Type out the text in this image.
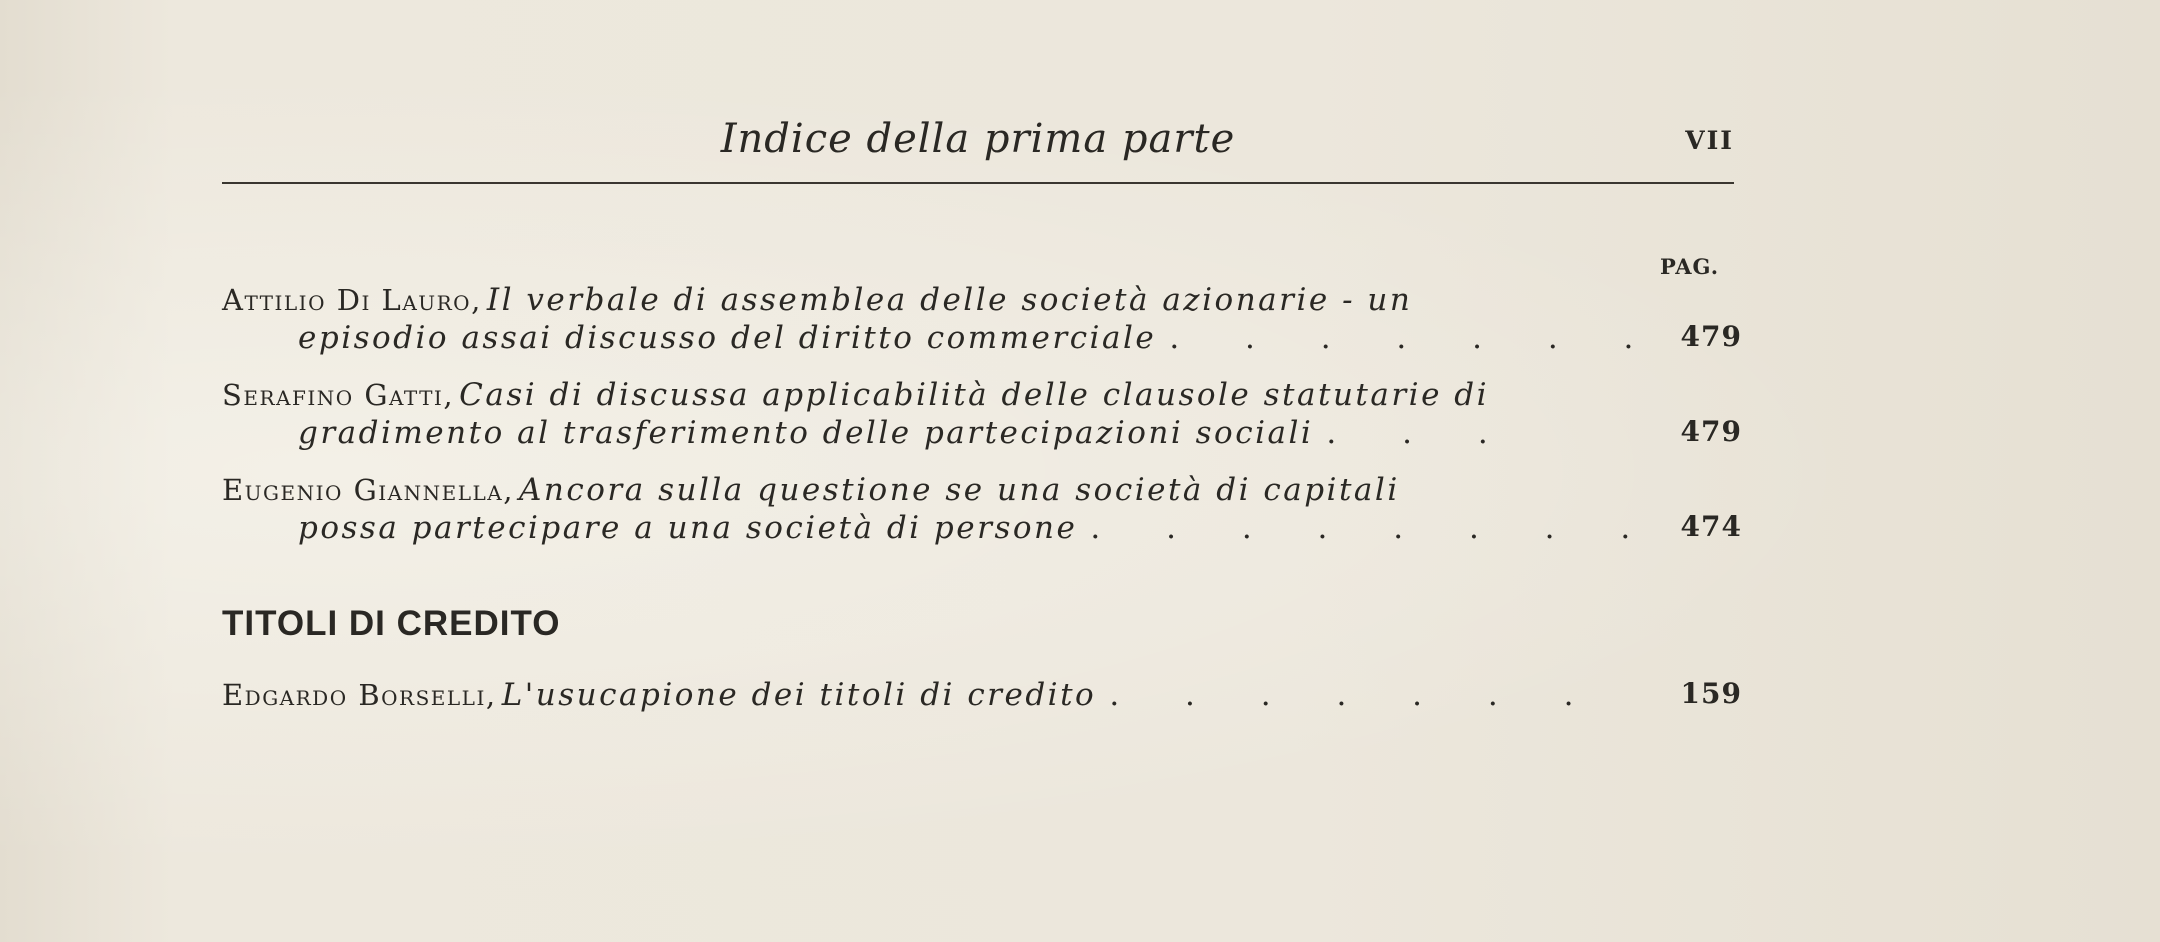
Indice della prima parte	VII
PAG.
Attilio Di Lauro, Il verbale di assemblea delle società azionarie - un
episodio assai discusso del diritto commerciale . . . . . . . 479
Serafino Gatti, Casi di discussa applicabilità delle clausole statutarie di
gradimento al trasferimento delle partecipazioni sociali . . .	479
Eugenio Giannella, Ancora sulla questione se una società di capitali
possa partecipare a una società di persone . . . . . . . . 474
TITOLI DI CREDITO
Edgardo Borselli, L'usucapione dei titoli di credito . . . . . . .	159
